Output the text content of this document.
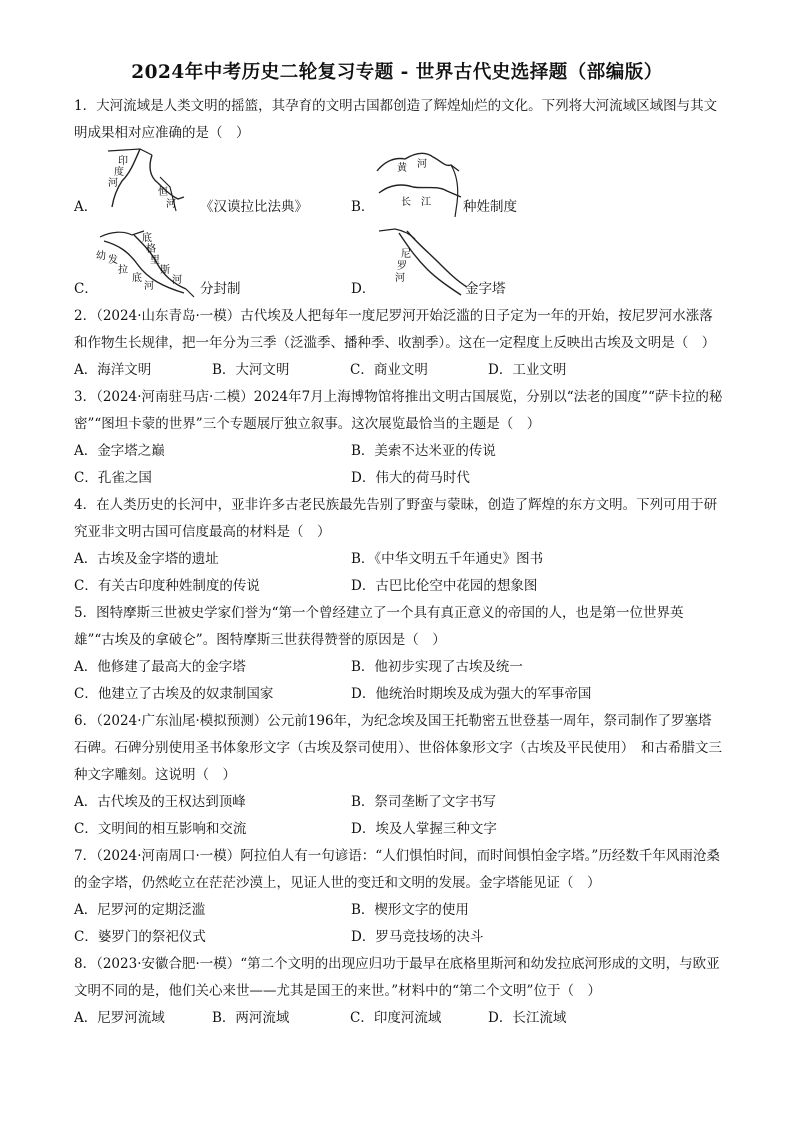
2024年中考历史二轮复习专题 - 世界古代史选择题（部编版）

1．大河流域是人类文明的摇篮，其孕育的文明古国都创造了辉煌灿烂的文化。下列将大河流域区域图与其文明成果相对应准确的是（　）

A．
印
度
河
恒
河 《汉谟拉比法典》	B．
黄 河
长 江 种姓制度
C．
底
格
里
斯
河
幼 发
拉
底
河	分封制	D．
尼
罗
河
金字塔

2．（2024·山东青岛·一模）古代埃及人把每年一度尼罗河开始泛滥的日子定为一年的开始，按尼罗河水涨落和作物生长规律，把一年分为三季（泛滥季、播种季、收割季）。这在一定程度上反映出古埃及文明是（　）

A．海洋文明	B．大河文明	C．商业文明	D．工业文明

3．（2024·河南驻马店·二模）2024年7月上海博物馆将推出文明古国展览，分别以“法老的国度”“萨卡拉的秘密”“图坦卡蒙的世界”三个专题展厅独立叙事。这次展览最恰当的主题是（　）

A．金字塔之巅	B．美索不达米亚的传说
C．孔雀之国	D．伟大的荷马时代

4．在人类历史的长河中，亚非许多古老民族最先告别了野蛮与蒙昧，创造了辉煌的东方文明。下列可用于研究亚非文明古国可信度最高的材料是（　）

A．古埃及金字塔的遗址	B．《中华文明五千年通史》图书
C．有关古印度种姓制度的传说	D．古巴比伦空中花园的想象图

5．图特摩斯三世被史学家们誉为“第一个曾经建立了一个具有真正意义的帝国的人，也是第一位世界英雄”“古埃及的拿破仑”。图特摩斯三世获得赞誉的原因是（　）

A．他修建了最高大的金字塔	B．他初步实现了古埃及统一
C．他建立了古埃及的奴隶制国家	D．他统治时期埃及成为强大的军事帝国

6．（2024·广东汕尾·模拟预测）公元前196年，为纪念埃及国王托勒密五世登基一周年，祭司制作了罗塞塔石碑。石碑分别使用圣书体象形文字（古埃及祭司使用）、世俗体象形文字（古埃及平民使用）　和古希腊文三种文字雕刻。这说明（　）

A．古代埃及的王权达到顶峰	B．祭司垄断了文字书写
C．文明间的相互影响和交流	D．埃及人掌握三种文字

7．（2024·河南周口·一模）阿拉伯人有一句谚语：“人们惧怕时间，而时间惧怕金字塔。”历经数千年风雨沧桑的金字塔，仍然屹立在茫茫沙漠上，见证人世的变迁和文明的发展。金字塔能见证（　）

A．尼罗河的定期泛滥	B．楔形文字的使用
C．婆罗门的祭祀仪式	D．罗马竞技场的决斗

8．（2023·安徽合肥·一模）“第二个文明的出现应归功于最早在底格里斯河和幼发拉底河形成的文明，与欧亚文明不同的是，他们关心来世——尤其是国王的来世。”材料中的“第二个文明”位于（　）

A．尼罗河流域	B．两河流域	C．印度河流域	D．长江流域
